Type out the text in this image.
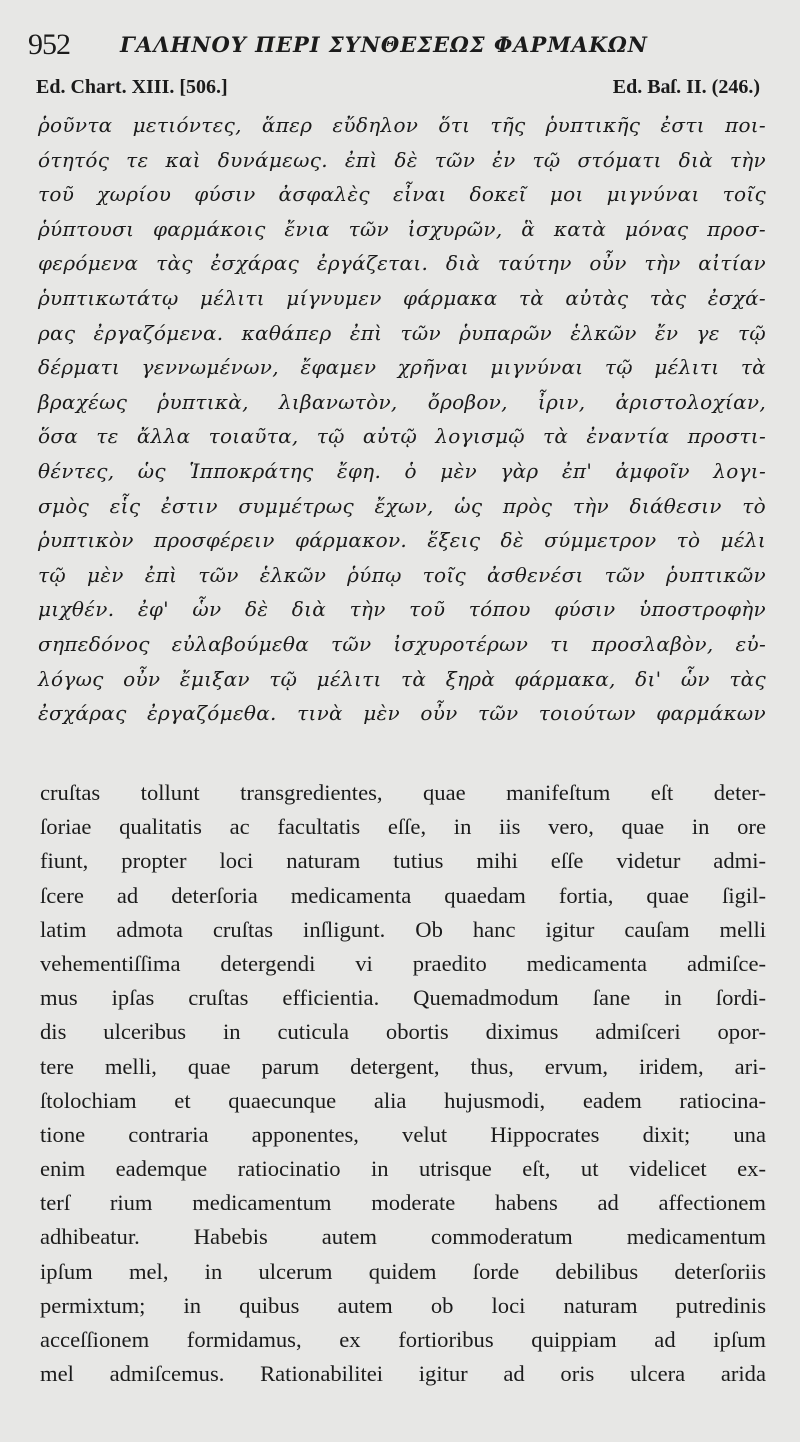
952 ΓΑΛΗΝΟΥ ΠΕΡΙ ΣΥΝΘΕΣΕΩΣ ΦΑΡΜΑΚΩΝ
Ed. Chart. XIII. [506.]	Ed. Baſ. II. (246.)
ῥοῦντα μετιόντες, ἅπερ εὔδηλον ὅτι τῆς ῥυπτικῆς ἐστι ποι-
ότητός τε καὶ δυνάμεως. ἐπὶ δὲ τῶν ἐν τῷ στόματι διὰ τὴν
τοῦ χωρίου φύσιν ἀσφαλὲς εἶναι δοκεῖ μοι μιγνύναι τοῖς
ῥύπτουσι φαρμάκοις ἔνια τῶν ἰσχυρῶν, ἃ κατὰ μόνας προσ-
φερόμενα τὰς ἐσχάρας ἐργάζεται. διὰ ταύτην οὖν τὴν αἰτίαν
ῥυπτικωτάτῳ μέλιτι μίγνυμεν φάρμακα τὰ αὐτὰς τὰς ἐσχά-
ρας ἐργαζόμενα. καθάπερ ἐπὶ τῶν ῥυπαρῶν ἑλκῶν ἔν γε τῷ
δέρματι γεννωμένων, ἔφαμεν χρῆναι μιγνύναι τῷ μέλιτι τὰ
βραχέως ῥυπτικὰ, λιβανωτὸν, ὄροβον, ἶριν, ἀριστολοχίαν,
ὅσα τε ἄλλα τοιαῦτα, τῷ αὐτῷ λογισμῷ τὰ ἐναντία προστι-
θέντες, ὡς Ἱπποκράτης ἔφη. ὁ μὲν γὰρ ἐπ' ἀμφοῖν λογι-
σμὸς εἷς ἐστιν συμμέτρως ἔχων, ὡς πρὸς τὴν διάθεσιν τὸ
ῥυπτικὸν προσφέρειν φάρμακον. ἕξεις δὲ σύμμετρον τὸ μέλι
τῷ μὲν ἐπὶ τῶν ἑλκῶν ῥύπῳ τοῖς ἀσθενέσι τῶν ῥυπτικῶν
μιχθέν. ἐφ' ὧν δὲ διὰ τὴν τοῦ τόπου φύσιν ὑποστροφὴν
σηπεδόνος εὐλαβούμεθα τῶν ἰσχυροτέρων τι προσλαβὸν, εὐ-
λόγως οὖν ἔμιξαν τῷ μέλιτι τὰ ξηρὰ φάρμακα, δι' ὧν τὰς
ἐσχάρας ἐργαζόμεθα. τινὰ μὲν οὖν τῶν τοιούτων φαρμάκων
cruſtas tollunt transgredientes, quae manifeſtum eſt deter-
ſoriae qualitatis ac facultatis eſſe, in iis vero, quae in ore
fiunt, propter loci naturam tutius mihi eſſe videtur admi-
ſcere ad deterſoria medicamenta quaedam fortia, quae ſigil-
latim admota cruſtas inſligunt. Ob hanc igitur cauſam melli
vehementiſſima detergendi vi praedito medicamenta admiſce-
mus ipſas cruſtas efficientia. Quemadmodum ſane in ſordi-
dis ulceribus in cuticula obortis diximus admiſceri opor-
tere melli, quae parum detergent, thus, ervum, iridem, ari-
ſtolochiam et quaecunque alia hujusmodi, eadem ratiocina-
tione contraria apponentes, velut Hippocrates dixit; una
enim eademque ratiocinatio in utrisque eſt, ut videlicet ex-
terſ rium medicamentum moderate habens ad affectionem
adhibeatur. Habebis autem commoderatum medicamentum
ipſum mel, in ulcerum quidem ſorde debilibus deterſoriis
permixtum; in quibus autem ob loci naturam putredinis
acceſſionem formidamus, ex fortioribus quippiam ad ipſum
mel admiſcemus. Rationabilitei igitur ad oris ulcera arida
